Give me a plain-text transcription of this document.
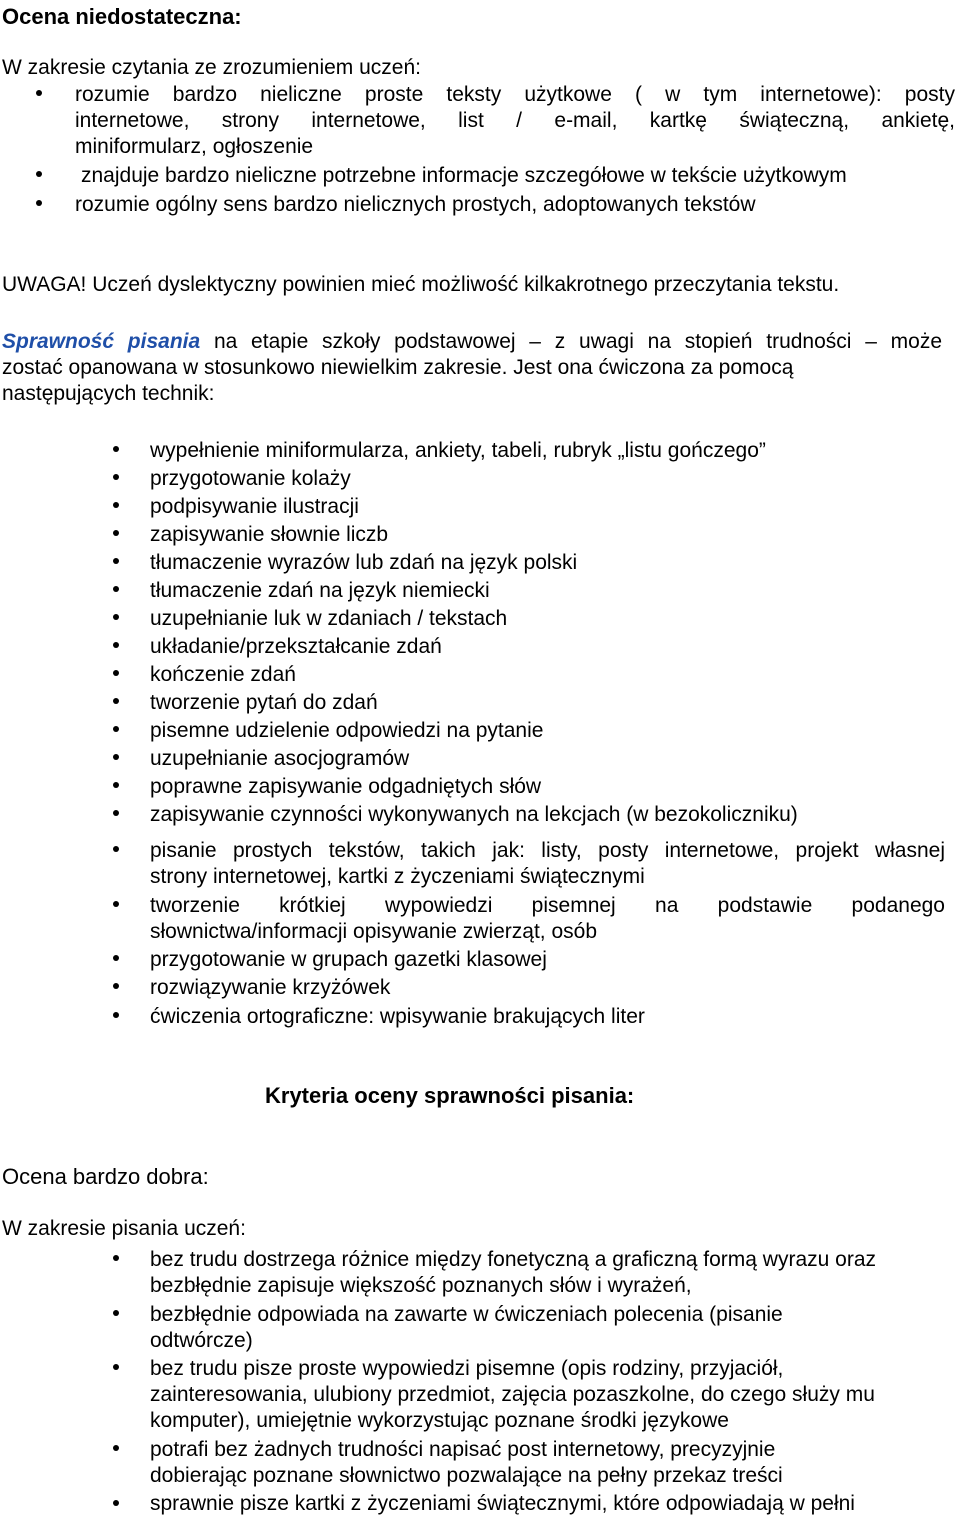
Ocena niedostateczna:
W zakresie czytania ze zrozumieniem uczeń:
rozumie bardzo nieliczne proste teksty użytkowe ( w tym internetowe): posty
internetowe, strony internetowe, list / e-mail, kartkę świąteczną, ankietę,
miniformularz, ogłoszenie
znajduje bardzo nieliczne potrzebne informacje szczegółowe w tekście użytkowym
rozumie ogólny sens bardzo nielicznych prostych, adoptowanych tekstów
UWAGA! Uczeń dyslektyczny powinien mieć możliwość kilkakrotnego przeczytania tekstu.
Sprawność pisania na etapie szkoły podstawowej – z uwagi na stopień trudności – może
zostać opanowana w stosunkowo niewielkim zakresie. Jest ona ćwiczona za pomocą
następujących technik:
wypełnienie miniformularza, ankiety, tabeli, rubryk „listu gończego”
przygotowanie kolaży
podpisywanie ilustracji
zapisywanie słownie liczb
tłumaczenie wyrazów lub zdań na język polski
tłumaczenie zdań na język niemiecki
uzupełnianie luk w zdaniach / tekstach
układanie/przekształcanie zdań
kończenie zdań
tworzenie pytań do zdań
pisemne udzielenie odpowiedzi na pytanie
uzupełnianie asocjogramów
poprawne zapisywanie odgadniętych słów
zapisywanie czynności wykonywanych na lekcjach (w bezokoliczniku)
pisanie prostych tekstów, takich jak: listy, posty internetowe, projekt własnej
strony internetowej, kartki z życzeniami świątecznymi
tworzenie krótkiej wypowiedzi pisemnej na podstawie podanego
słownictwa/informacji opisywanie zwierząt, osób
przygotowanie w grupach gazetki klasowej
rozwiązywanie krzyżówek
ćwiczenia ortograficzne: wpisywanie brakujących liter
Kryteria oceny sprawności pisania:
Ocena bardzo dobra:
W zakresie pisania uczeń:
bez trudu dostrzega różnice między fonetyczną a graficzną formą wyrazu oraz
bezbłędnie zapisuje większość poznanych słów i wyrażeń,
bezbłędnie odpowiada na zawarte w ćwiczeniach polecenia (pisanie
odtwórcze)
bez trudu pisze proste wypowiedzi pisemne (opis rodziny, przyjaciół,
zainteresowania, ulubiony przedmiot, zajęcia pozaszkolne, do czego służy mu
komputer), umiejętnie wykorzystując poznane środki językowe
potrafi bez żadnych trudności napisać post internetowy, precyzyjnie
dobierając poznane słownictwo pozwalające na pełny przekaz treści
sprawnie pisze kartki z życzeniami świątecznymi, które odpowiadają w pełni
